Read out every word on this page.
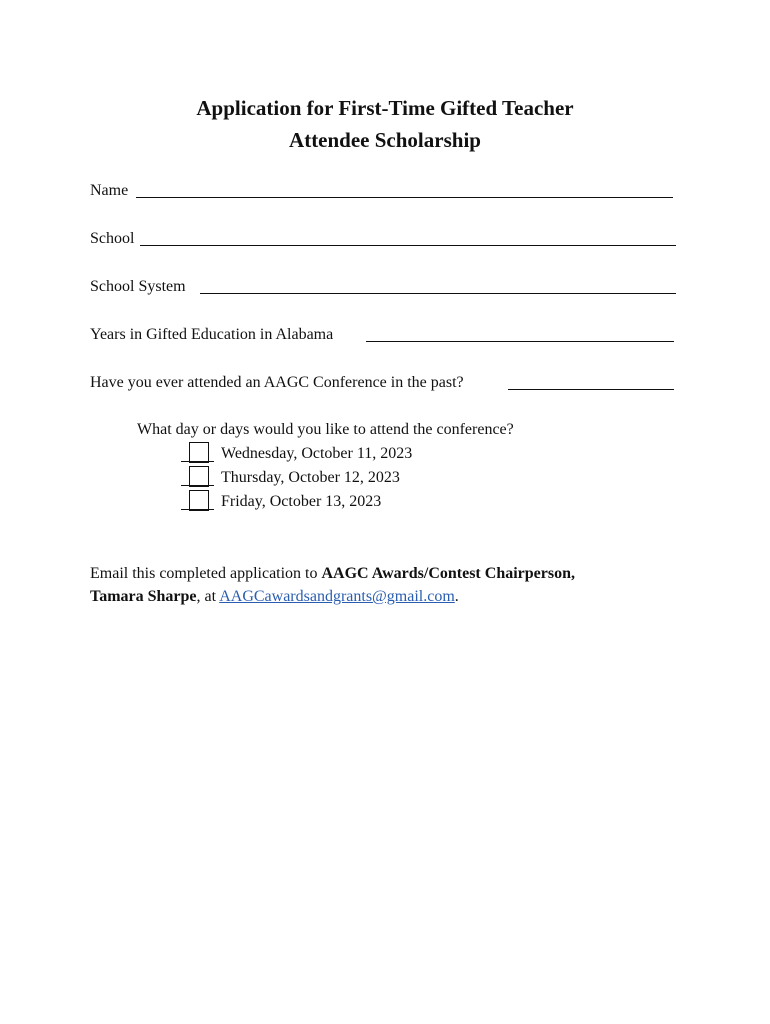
Application for First-Time Gifted Teacher
Attendee Scholarship
Name
School
School System
Years in Gifted Education in Alabama
Have you ever attended an AAGC Conference in the past?
What day or days would you like to attend the conference?
Wednesday, October 11, 2023
Thursday, October 12, 2023
Friday, October 13, 2023
Email this completed application to AAGC Awards/Contest Chairperson,
Tamara Sharpe, at AAGCawardsandgrants@gmail.com.
